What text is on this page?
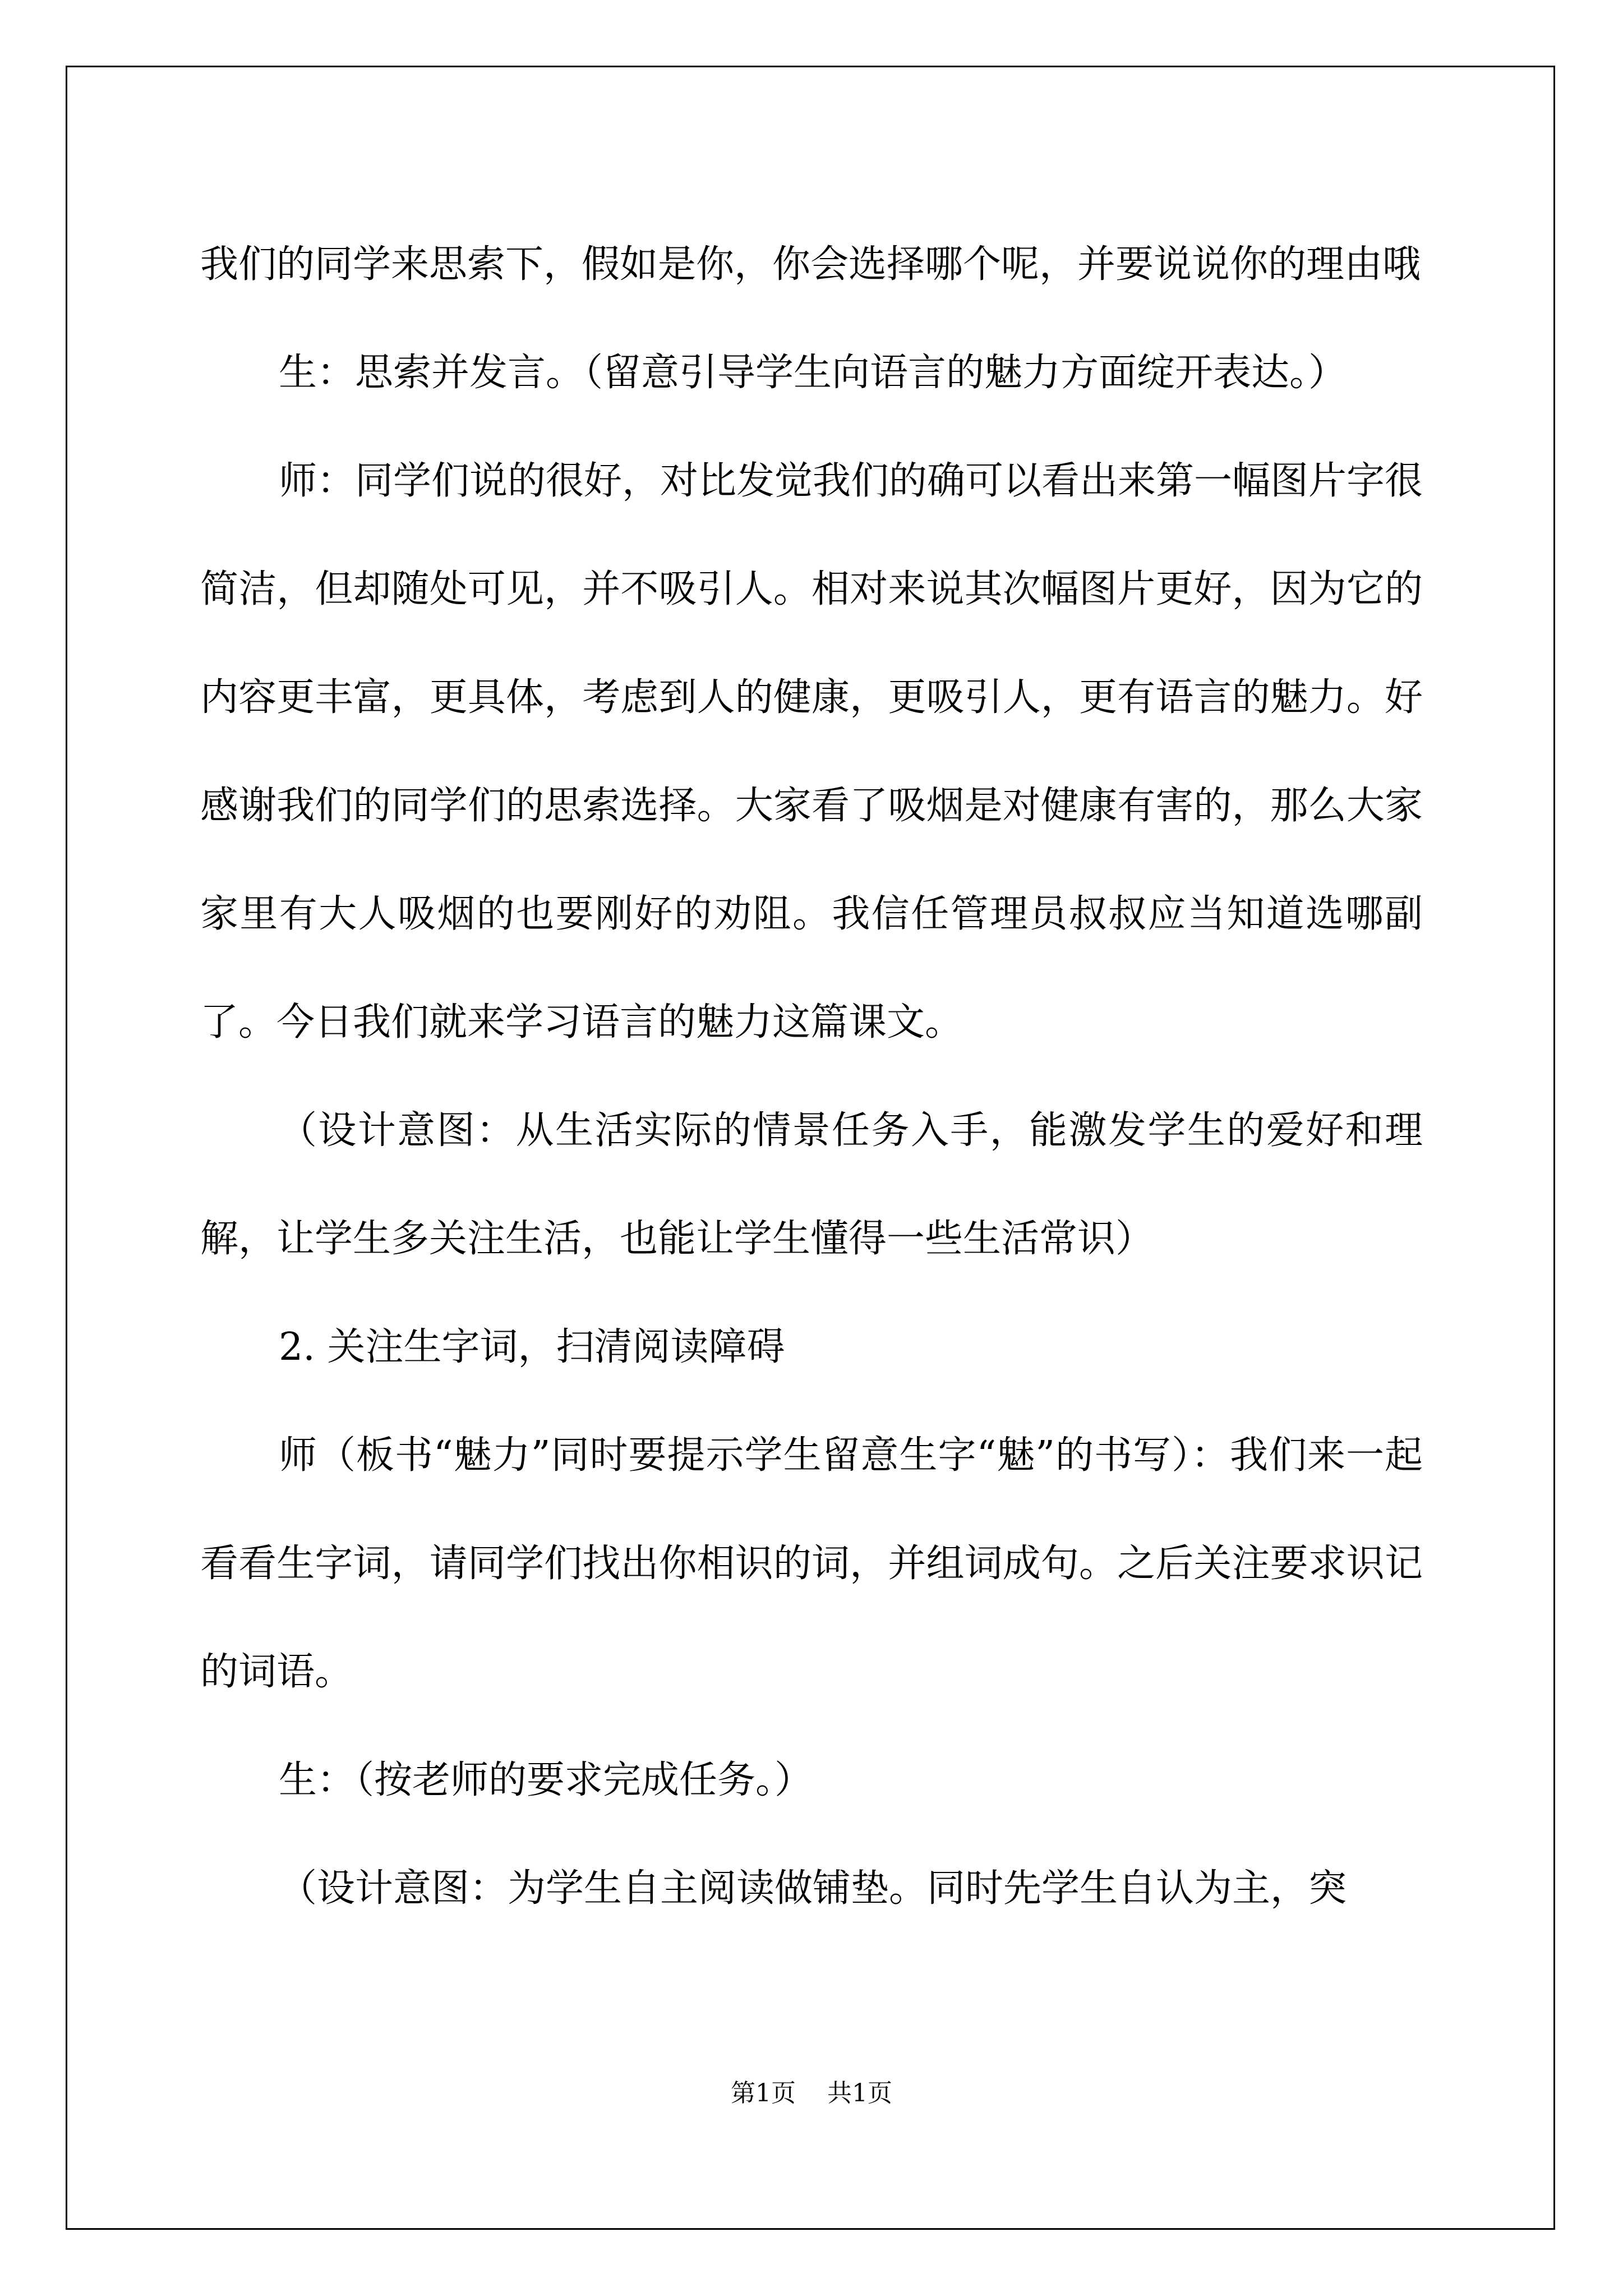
我们的同学来思索下，假如是你，你会选择哪个呢，并要说说你的理由哦

生：思索并发言。（留意引导学生向语言的魅力方面绽开表达。）

师：同学们说的很好，对比发觉我们的确可以看出来第一幅图片字很简洁，但却随处可见，并不吸引人。相对来说其次幅图片更好，因为它的内容更丰富，更具体，考虑到人的健康，更吸引人，更有语言的魅力。好感谢我们的同学们的思索选择。大家看了吸烟是对健康有害的，那么大家家里有大人吸烟的也要刚好的劝阻。我信任管理员叔叔应当知道选哪副了。今日我们就来学习语言的魅力这篇课文。

（设计意图：从生活实际的情景任务入手，能激发学生的爱好和理解，让学生多关注生活，也能让学生懂得一些生活常识）

2. 关注生字词，扫清阅读障碍

师（板书“魅力”同时要提示学生留意生字“魅”的书写）：我们来一起看看生字词，请同学们找出你相识的词，并组词成句。之后关注要求识记的词语。

生：（按老师的要求完成任务。）

（设计意图：为学生自主阅读做铺垫。同时先学生自认为主，突

第1页 共1页
